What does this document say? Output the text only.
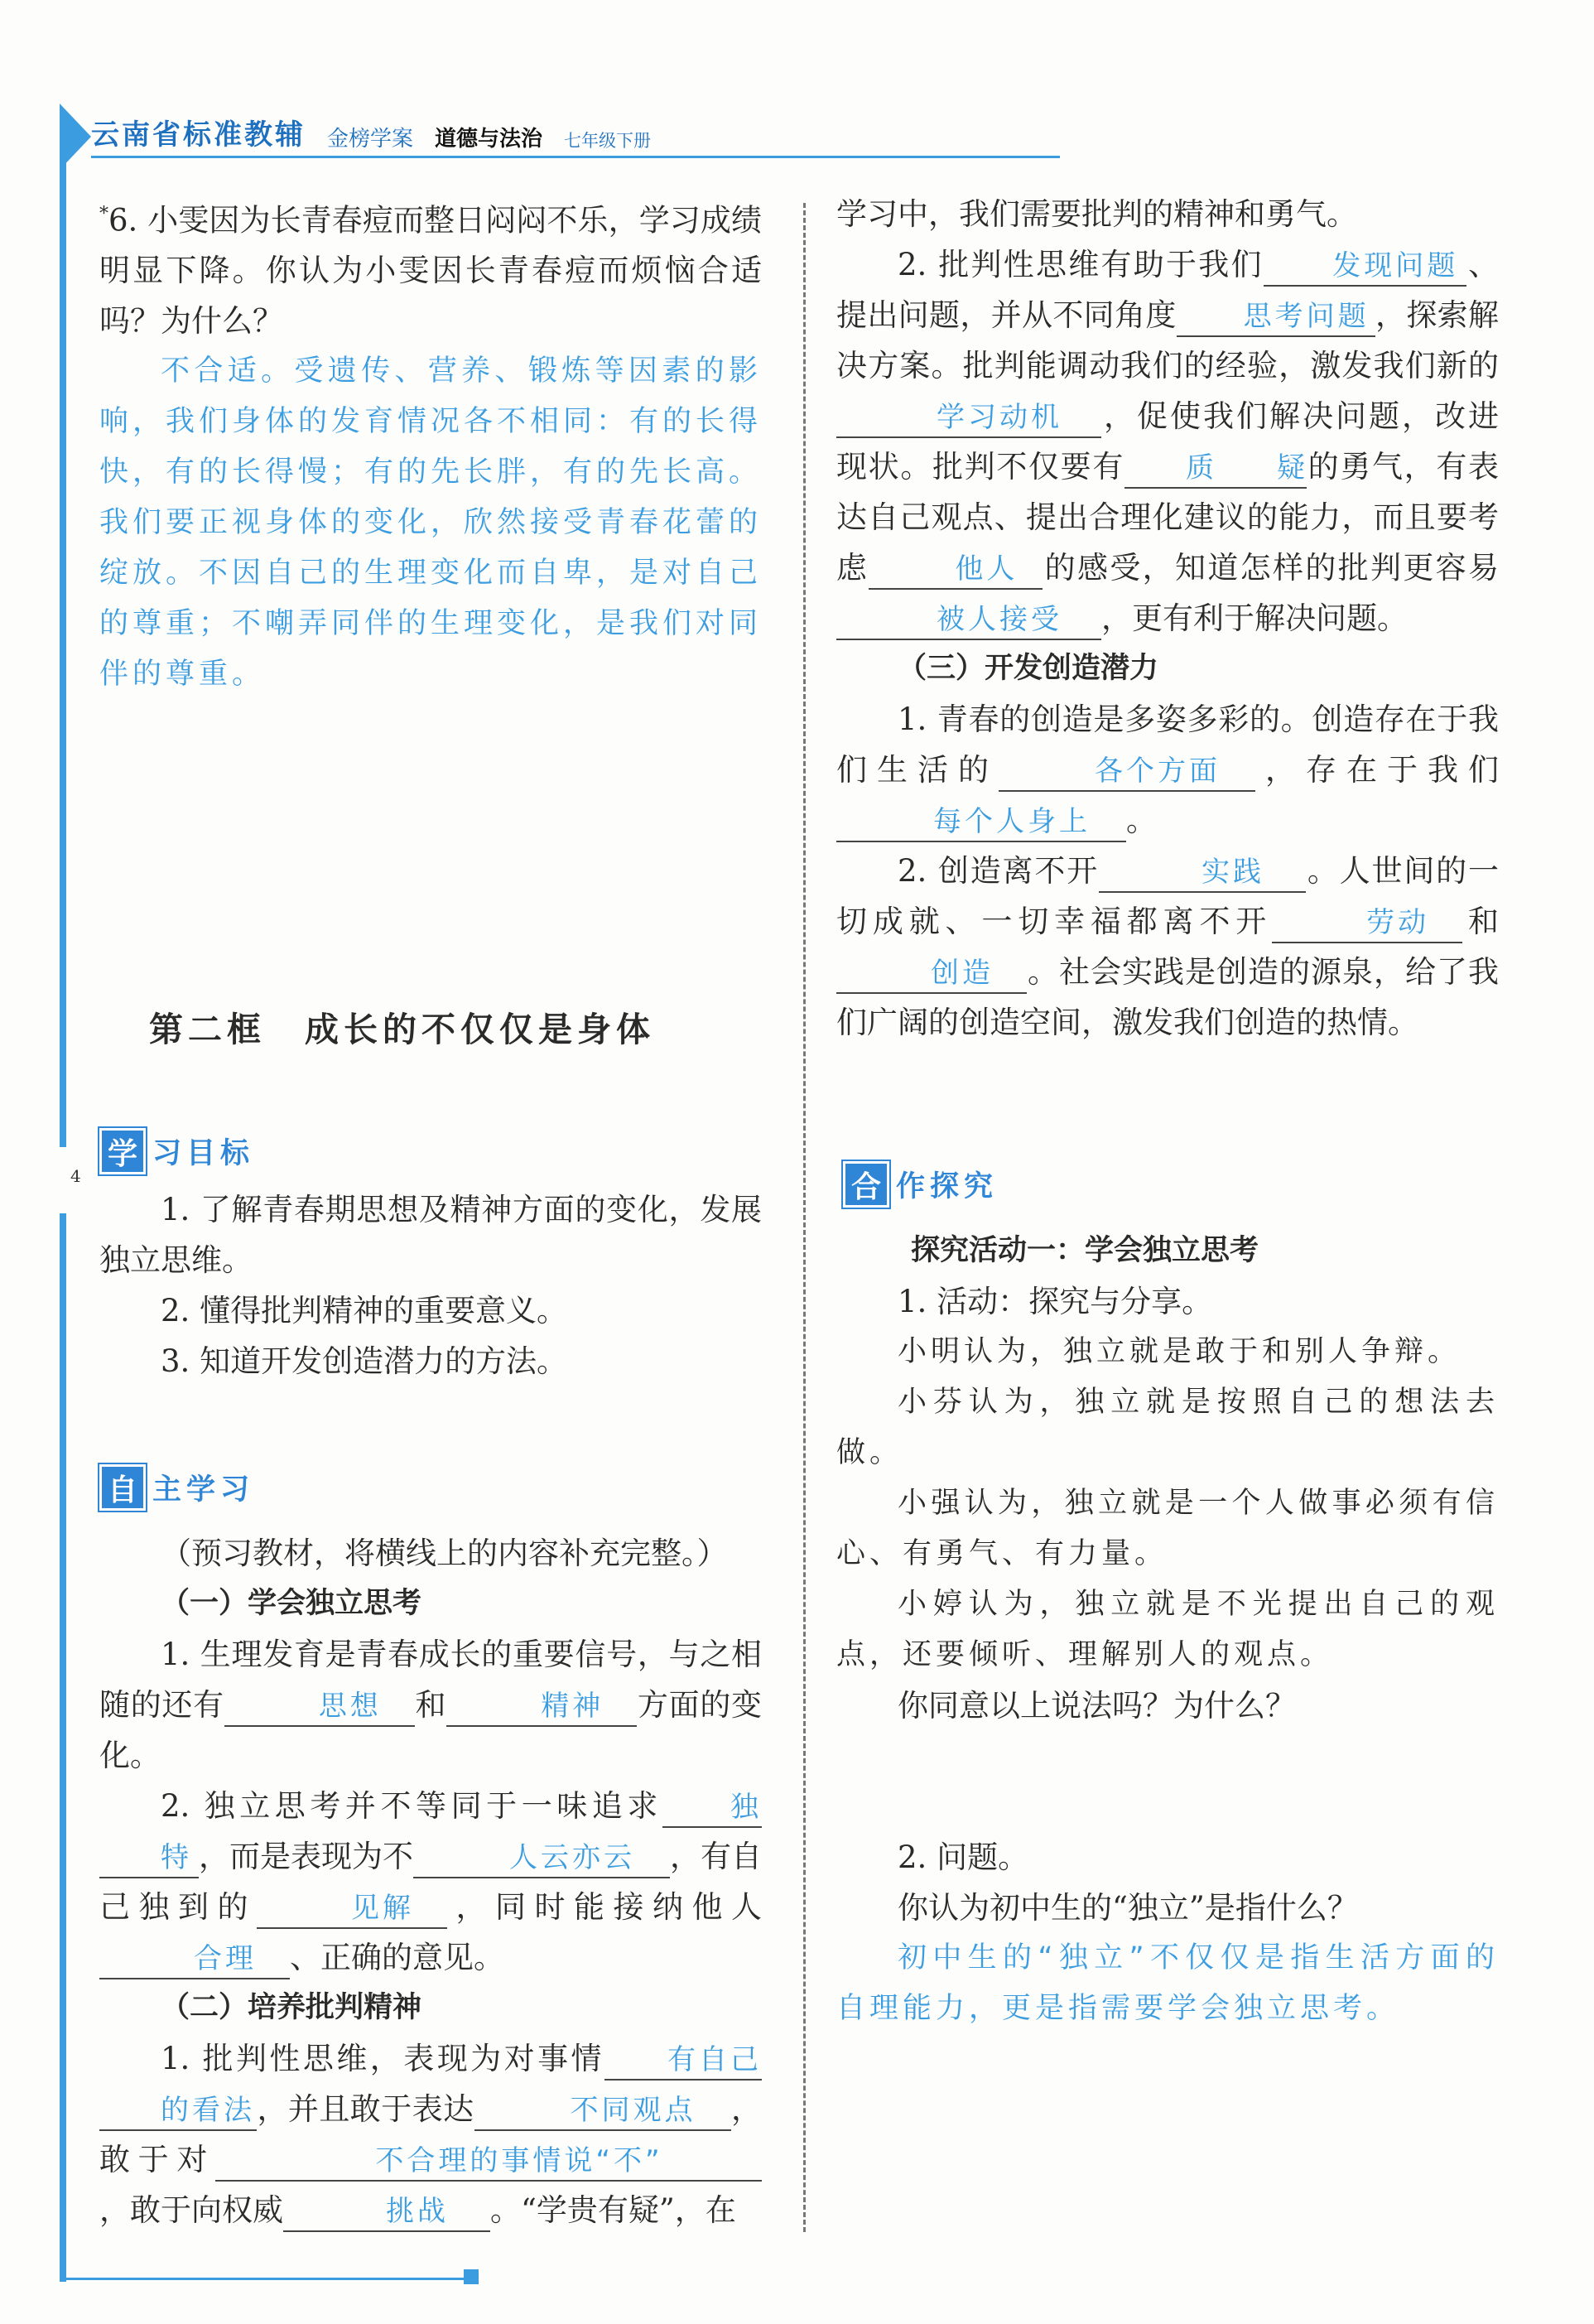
云南省标准教辅 金榜学案 道德与法治 七年级下册
4

*6. 小雯因为长青春痘而整日闷闷不乐，学习成绩明显下降。你认为小雯因长青春痘而烦恼合适吗？为什么？

不合适。受遗传、营养、锻炼等因素的影响，我们身体的发育情况各不相同：有的长得快，有的长得慢；有的先长胖，有的先长高。我们要正视身体的变化，欣然接受青春花蕾的绽放。不因自己的生理变化而自卑，是对自己的尊重；不嘲弄同伴的生理变化，是我们对同伴的尊重。

第二框　成长的不仅仅是身体
学 习目标

1. 了解青春期思想及精神方面的变化，发展独立思维。

2. 懂得批判精神的重要意义。

3. 知道开发创造潜力的方法。

自 主学习

（预习教材，将横线上的内容补充完整。）

（一）学会独立思考

1. 生理发育是青春成长的重要信号，与之相随的还有	思想 和	精神 方面的变化。

2. 独立思考并不等同于一味追求 独特 ，而是表现为不	人云亦云 ，有自己独到的	见解 ，同时能接纳他人合理 、正确的意见。

（二）培养批判精神

1. 批判性思维，表现为对事情 有自己的看法，并且敢于表达	不同观点 ，敢于对	不合理的事情说“不”，敢于向权威	挑战 。“学贵有疑”，在

学习中，我们需要批判的精神和勇气。

2. 批判性思维有助于我们 发现问题 、提出问题，并从不同角度 思考问题 ，探索解决方案。批判能调动我们的经验，激发我们新的学习动机 ，促使我们解决问题，改进现状。批判不仅要有 质 疑的勇气，有表达自己观点、提出合理化建议的能力，而且要考虑	他人 的感受，知道怎样的批判更容易被人接受 ，更有利于解决问题。

（三）开发创造潜力

1. 青春的创造是多姿多彩的。创造存在于我们生活的	各个方面 ，存在于我们每个人身上 。

2. 创造离不开	实践 。人世间的一切成就、一切幸福都离不开	劳动 和创造 。社会实践是创造的源泉，给了我们广阔的创造空间，激发我们创造的热情。

合 作探究

探究活动一：学会独立思考

1. 活动：探究与分享。

小明认为，独立就是敢于和别人争辩。

小芬认为，独立就是按照自己的想法去做。

小强认为，独立就是一个人做事必须有信心、有勇气、有力量。

小婷认为，独立就是不光提出自己的观点，还要倾听、理解别人的观点。

你同意以上说法吗？为什么？

2. 问题。

你认为初中生的“独立”是指什么？

初中生的“独立”不仅仅是指生活方面的自理能力，更是指需要学会独立思考。
